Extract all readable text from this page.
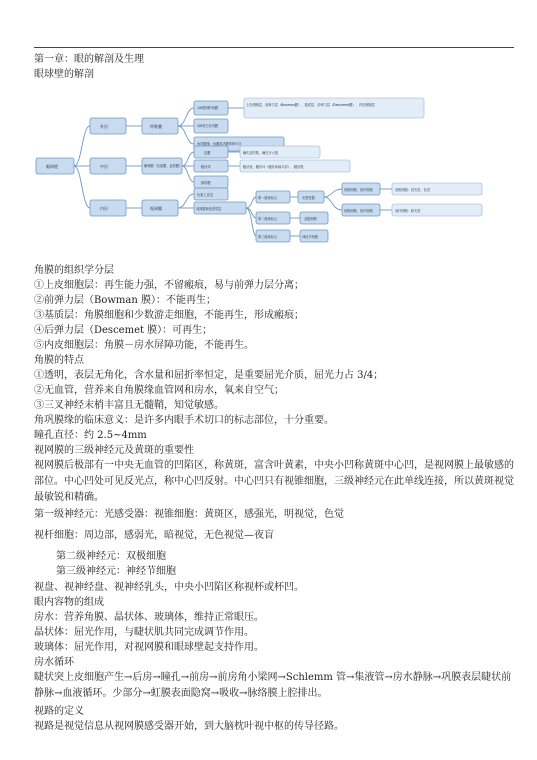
第一章：眼的解剖及生理
眼球壁的解剖
眼球壁
外层
中层
内层
纤维膜
葡萄膜（色素膜、血管膜）
视网膜
1/6透明的角膜
5/6瓷白色巩膜
角巩膜缘：角膜和巩膜的移行区
上皮细胞层、前弹力层（Bowman膜）、基质层、后弹力层（Descemet膜）、内皮细胞层
虹膜
睫状体
脉络膜
瞳孔括约肌、瞳孔开大肌
睫状冠、睫状环（睫状体扁平部）、睫状肌
色素上皮层
视网膜神经感觉层
第一级神经元
第二级神经元
第三级神经元
光感受器
双极细胞
神经节细胞
视锥细胞、视杆细胞
视锥细胞、视杆细胞
视锥细胞：昼光觉、色觉
视杆细胞：暗光觉
角膜的组织学分层
①上皮细胞层：再生能力强，不留瘢痕，易与前弹力层分离；
②前弹力层（Bowman 膜）：不能再生；
③基质层：角膜细胞和少数游走细胞，不能再生，形成瘢痕；
④后弹力层（Descemet 膜）：可再生；
⑤内皮细胞层：角膜－房水屏障功能，不能再生。
角膜的特点
①透明，表层无角化，含水量和屈折率恒定，是重要屈光介质，屈光力占 3/4；
②无血管，营养来自角膜缘血管网和房水，氧来自空气；
③三叉神经末梢丰富且无髓鞘，知觉敏感。
角巩膜缘的临床意义：是许多内眼手术切口的标志部位，十分重要。
瞳孔直径：约 2.5~4mm
视网膜的三级神经元及黄斑的重要性
视网膜后极部有一中央无血管的凹陷区，称黄斑，富含叶黄素，中央小凹称黄斑中心凹，是视网膜上最敏感的部位。中心凹处可见反光点，称中心凹反射。中心凹只有视锥细胞，三级神经元在此单线连接，所以黄斑视觉最敏锐和精确。
第一级神经元：光感受器：视锥细胞：黄斑区，感强光，明视觉，色觉
视杆细胞：周边部，感弱光，暗视觉，无色视觉—夜盲
第二级神经元：双极细胞
第三级神经元：神经节细胞
视盘、视神经盘、视神经乳头，中央小凹陷区称视杯或杯凹。
眼内容物的组成
房水：营养角膜、晶状体、玻璃体，维持正常眼压。
晶状体：屈光作用，与睫状肌共同完成调节作用。
玻璃体：屈光作用，对视网膜和眼球壁起支持作用。
房水循环
睫状突上皮细胞产生→后房→瞳孔→前房→前房角小梁网→Schlemm 管→集液管→房水静脉→巩膜表层睫状前静脉→血液循环。少部分→虹膜表面隐窝→吸收→脉络膜上腔排出。
视路的定义
视路是视觉信息从视网膜感受器开始，到大脑枕叶视中枢的传导径路。
